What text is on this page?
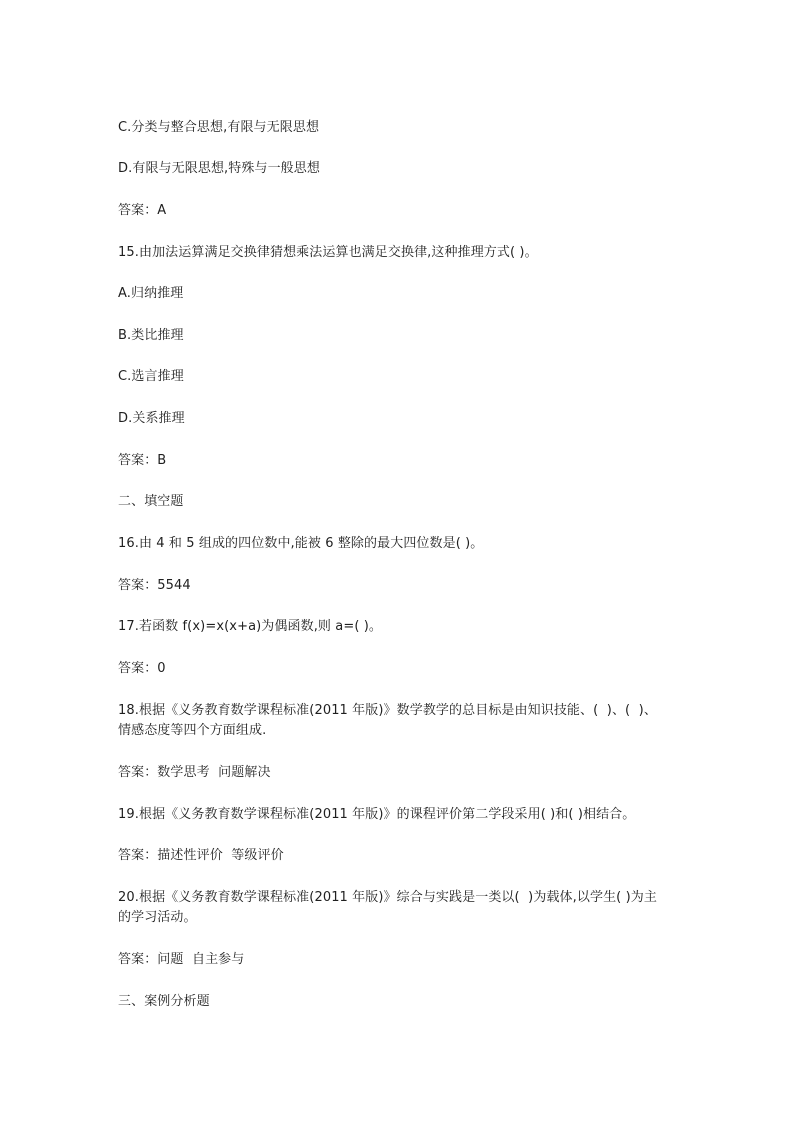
C.分类与整合思想,有限与无限思想
D.有限与无限思想,特殊与一般思想
答案：A
15.由加法运算满足交换律猜想乘法运算也满足交换律,这种推理方式( )。
A.归纳推理
B.类比推理
C.选言推理
D.关系推理
答案：B
二、填空题
16.由 4 和 5 组成的四位数中,能被 6 整除的最大四位数是( )。
答案：5544
17.若函数 f(x)=x(x+a)为偶函数,则 a=( )。
答案：0
18.根据《义务教育数学课程标准(2011 年版)》数学教学的总目标是由知识技能、(  )、(  )、
情感态度等四个方面组成.
答案：数学思考  问题解决
19.根据《义务教育数学课程标准(2011 年版)》的课程评价第二学段采用( )和( )相结合。
答案：描述性评价  等级评价
20.根据《义务教育数学课程标准(2011 年版)》综合与实践是一类以(  )为载体,以学生( )为主
的学习活动。
答案：问题  自主参与
三、案例分析题
